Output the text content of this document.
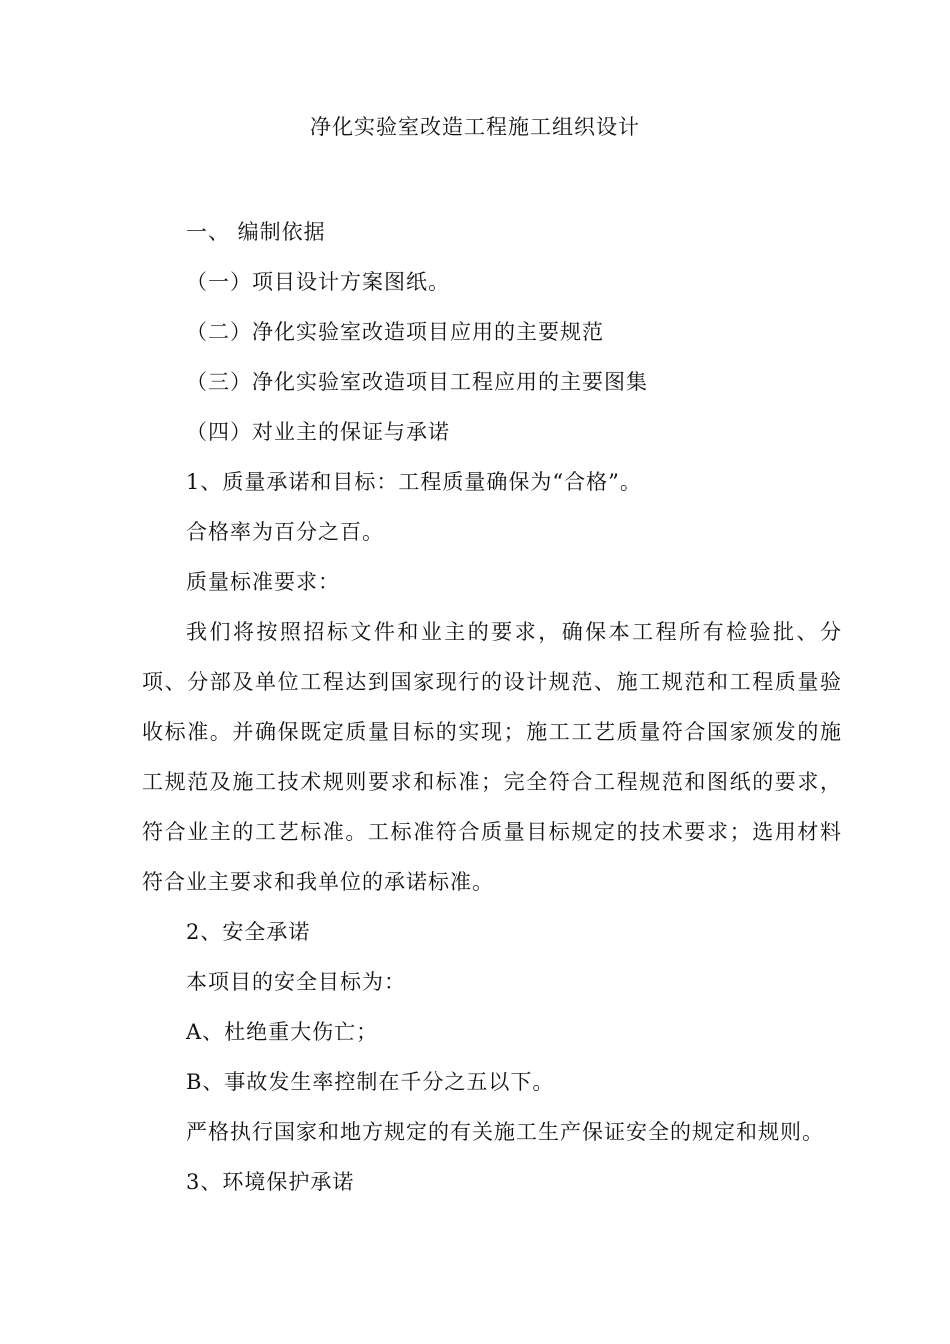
净化实验室改造工程施工组织设计

一、 编制依据

（一）项目设计方案图纸。

（二）净化实验室改造项目应用的主要规范

（三）净化实验室改造项目工程应用的主要图集

（四）对业主的保证与承诺

1、质量承诺和目标：工程质量确保为“合格”。

合格率为百分之百。

质量标准要求：

我们将按照招标文件和业主的要求，确保本工程所有检验批、分项、分部及单位工程达到国家现行的设计规范、施工规范和工程质量验收标准。并确保既定质量目标的实现；施工工艺质量符合国家颁发的施工规范及施工技术规则要求和标准；完全符合工程规范和图纸的要求，符合业主的工艺标准。工标准符合质量目标规定的技术要求；选用材料符合业主要求和我单位的承诺标准。

2、安全承诺

本项目的安全目标为：

A、杜绝重大伤亡；

B、事故发生率控制在千分之五以下。

严格执行国家和地方规定的有关施工生产保证安全的规定和规则。

3、环境保护承诺
